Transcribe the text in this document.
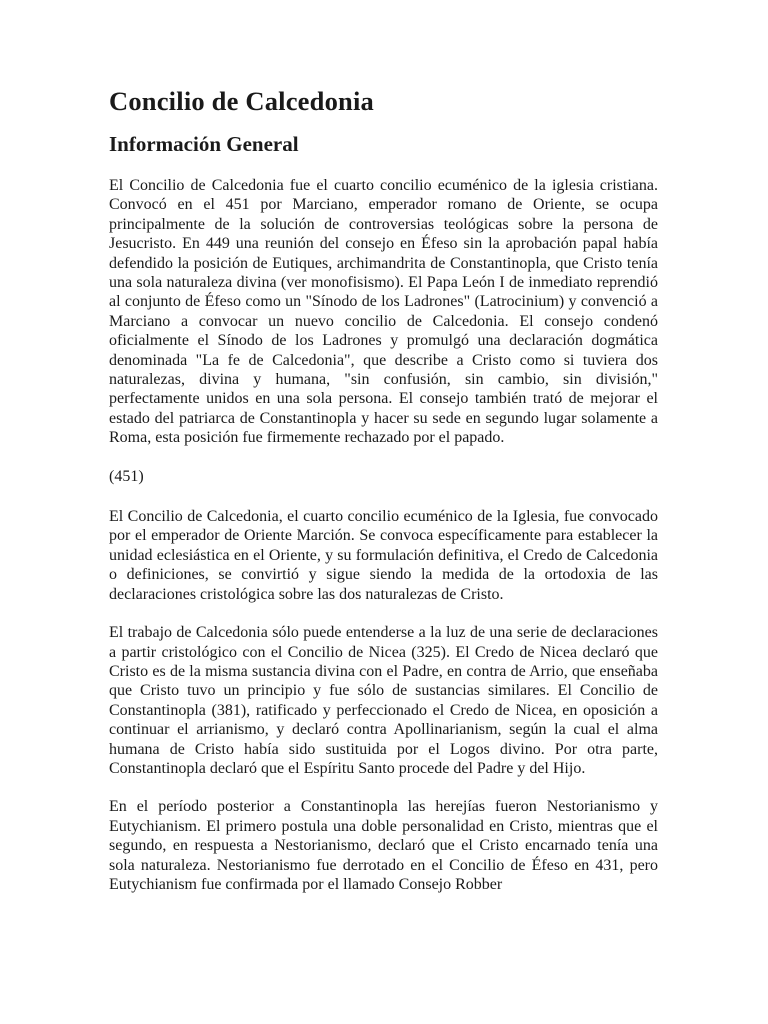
Concilio de Calcedonia
Información General

El Concilio de Calcedonia fue el cuarto concilio ecuménico de la iglesia cristiana. Convocó en el 451 por Marciano, emperador romano de Oriente, se ocupa principalmente de la solución de controversias teológicas sobre la persona de Jesucristo. En 449 una reunión del consejo en Éfeso sin la aprobación papal había defendido la posición de Eutiques, archimandrita de Constantinopla, que Cristo tenía una sola naturaleza divina (ver monofisismo). El Papa León I de inmediato reprendió al conjunto de Éfeso como un "Sínodo de los Ladrones" (Latrocinium) y convenció a Marciano a convocar un nuevo concilio de Calcedonia. El consejo condenó oficialmente el Sínodo de los Ladrones y promulgó una declaración dogmática denominada "La fe de Calcedonia", que describe a Cristo como si tuviera dos naturalezas, divina y humana, "sin confusión, sin cambio, sin división," perfectamente unidos en una sola persona. El consejo también trató de mejorar el estado del patriarca de Constantinopla y hacer su sede en segundo lugar solamente a Roma, esta posición fue firmemente rechazado por el papado.

(451)

El Concilio de Calcedonia, el cuarto concilio ecuménico de la Iglesia, fue convocado por el emperador de Oriente Marción. Se convoca específicamente para establecer la unidad eclesiástica en el Oriente, y su formulación definitiva, el Credo de Calcedonia o definiciones, se convirtió y sigue siendo la medida de la ortodoxia de las declaraciones cristológica sobre las dos naturalezas de Cristo.

El trabajo de Calcedonia sólo puede entenderse a la luz de una serie de declaraciones a partir cristológico con el Concilio de Nicea (325). El Credo de Nicea declaró que Cristo es de la misma sustancia divina con el Padre, en contra de Arrio, que enseñaba que Cristo tuvo un principio y fue sólo de sustancias similares. El Concilio de Constantinopla (381), ratificado y perfeccionado el Credo de Nicea, en oposición a continuar el arrianismo, y declaró contra Apollinarianism, según la cual el alma humana de Cristo había sido sustituida por el Logos divino. Por otra parte, Constantinopla declaró que el Espíritu Santo procede del Padre y del Hijo.

En el período posterior a Constantinopla las herejías fueron Nestorianismo y Eutychianism. El primero postula una doble personalidad en Cristo, mientras que el segundo, en respuesta a Nestorianismo, declaró que el Cristo encarnado tenía una sola naturaleza. Nestorianismo fue derrotado en el Concilio de Éfeso en 431, pero Eutychianism fue confirmada por el llamado Consejo Robber
